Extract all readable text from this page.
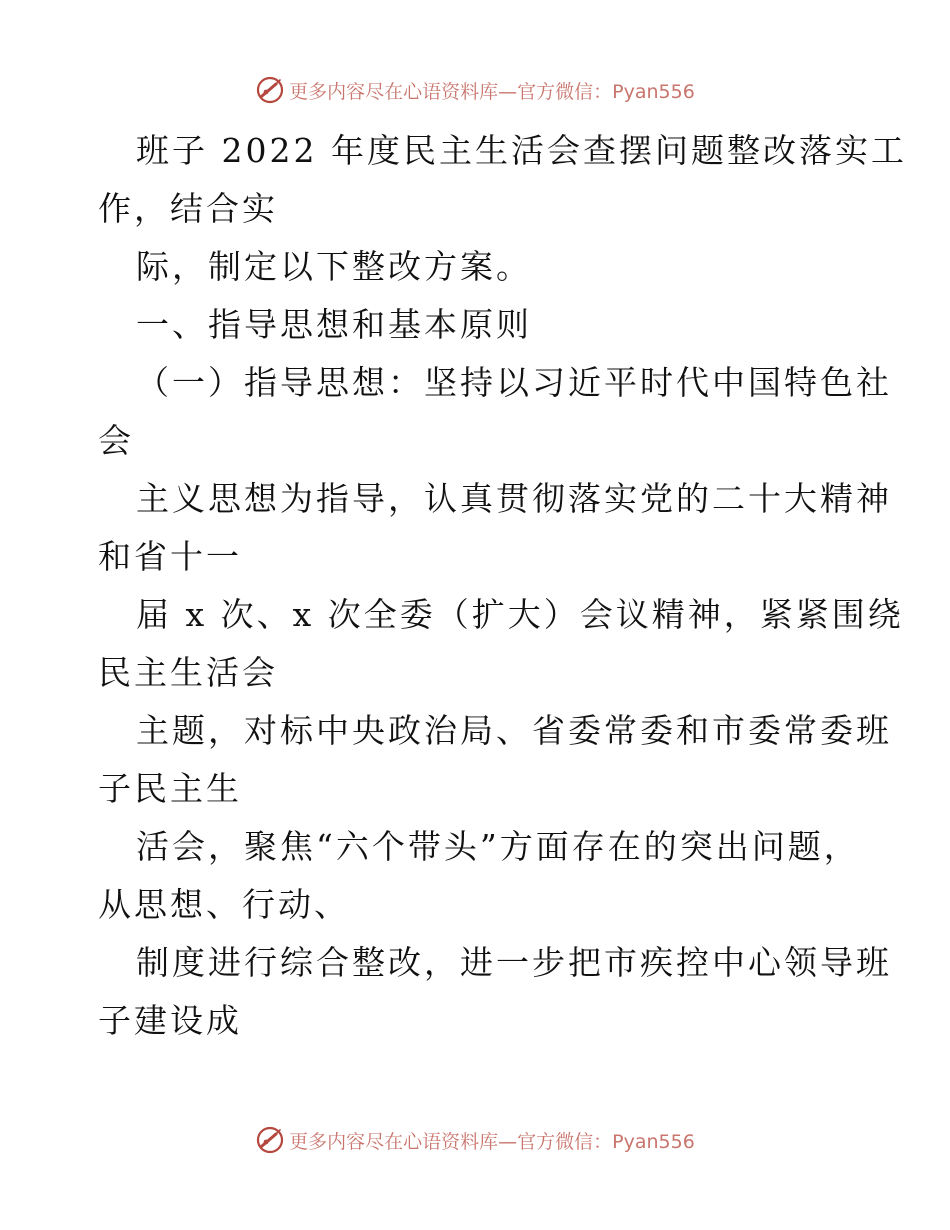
更多内容尽在心语资料库—官方微信：Pyan556
班子 2022 年度民主生活会查摆问题整改落实工
作，结合实
际，制定以下整改方案。
一、指导思想和基本原则
（一）指导思想：坚持以习近平时代中国特色社
会
主义思想为指导，认真贯彻落实党的二十大精神
和省十一
届 x 次、x 次全委（扩大）会议精神，紧紧围绕
民主生活会
主题，对标中央政治局、省委常委和市委常委班
子民主生
活会，聚焦“六个带头”方面存在的突出问题，
从思想、行动、
制度进行综合整改，进一步把市疾控中心领导班
子建设成
更多内容尽在心语资料库—官方微信：Pyan556
